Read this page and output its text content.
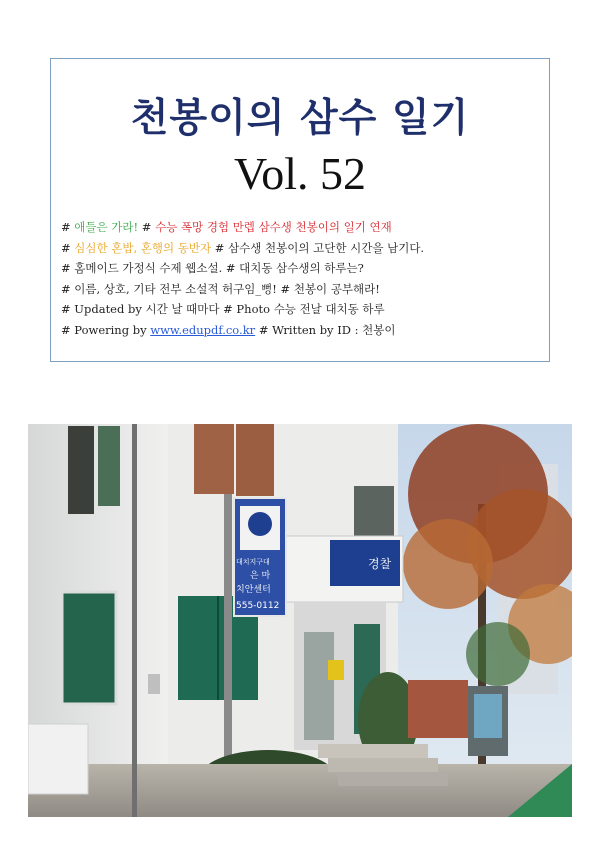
천봉이의 삼수 일기
Vol. 52
# 애들은 가라! # 수능 폭망 경험 만렙 삼수생 천봉이의 일기 연재
# 심심한 혼밥, 혼행의 동반자 # 삼수생 천봉이의 고단한 시간을 남기다.
# 홈메이드 가정식 수제 웹소설. # 대치동 삼수생의 하루는?
# 이름, 상호, 기타 전부 소설적 허구임_뻥! # 천봉이 공부해라!
# Updated by 시간 날 때마다 # Photo 수능 전날 대치동 하루
# Powering by www.edupdf.co.kr # Written by ID : 천봉이
경찰
대치지구대
은 마
치안센터
555-0112
